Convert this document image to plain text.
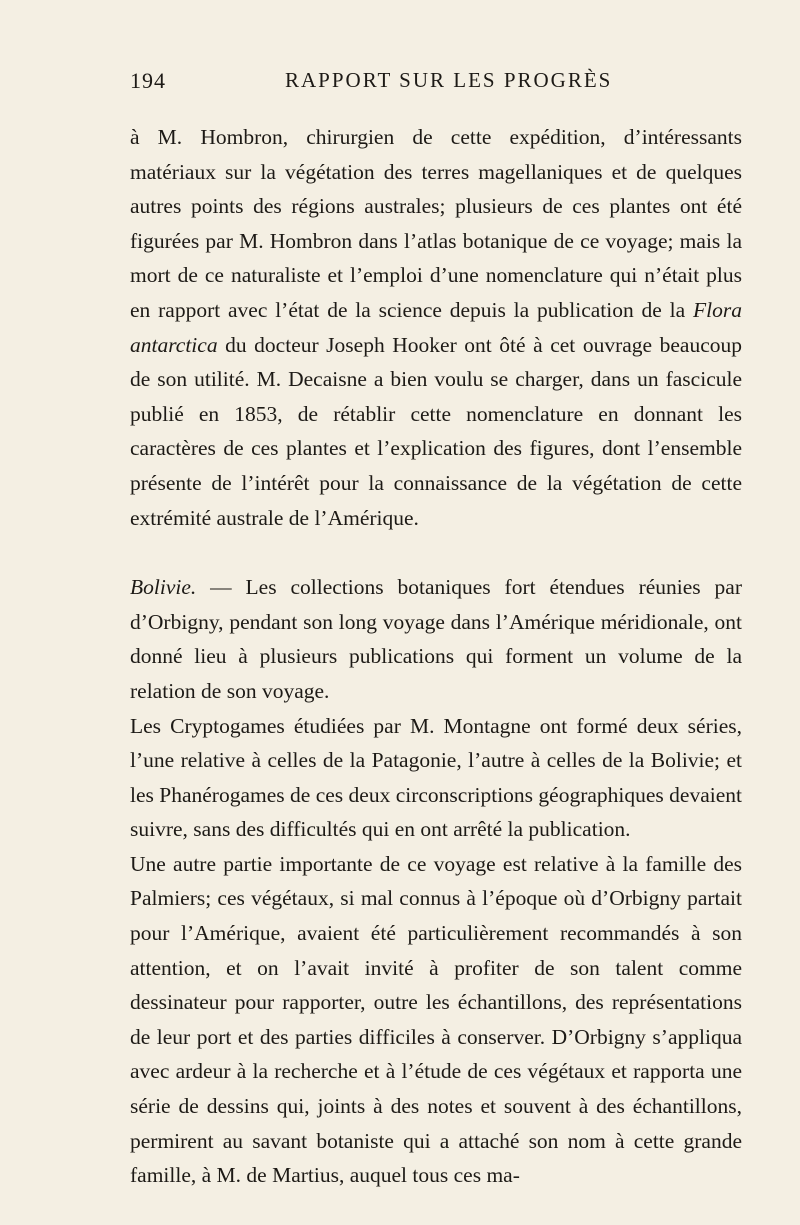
194	RAPPORT SUR LES PROGRÈS

à M. Hombron, chirurgien de cette expédition, d’intéressants matériaux sur la végétation des terres magellaniques et de quelques autres points des régions australes; plusieurs de ces plantes ont été figurées par M. Hombron dans l’atlas botanique de ce voyage; mais la mort de ce naturaliste et l’emploi d’une nomenclature qui n’était plus en rapport avec l’état de la science depuis la publication de la Flora antarctica du docteur Joseph Hooker ont ôté à cet ouvrage beaucoup de son utilité. M. Decaisne a bien voulu se charger, dans un fascicule publié en 1853, de rétablir cette nomenclature en donnant les caractères de ces plantes et l’explication des figures, dont l’ensemble présente de l’intérêt pour la connaissance de la végétation de cette extrémité australe de l’Amérique.

Bolivie. — Les collections botaniques fort étendues réunies par d’Orbigny, pendant son long voyage dans l’Amérique méridionale, ont donné lieu à plusieurs publications qui forment un volume de la relation de son voyage.

Les Cryptogames étudiées par M. Montagne ont formé deux séries, l’une relative à celles de la Patagonie, l’autre à celles de la Bolivie; et les Phanérogames de ces deux circonscriptions géographiques devaient suivre, sans des difficultés qui en ont arrêté la publication.

Une autre partie importante de ce voyage est relative à la famille des Palmiers; ces végétaux, si mal connus à l’époque où d’Orbigny partait pour l’Amérique, avaient été particulièrement recommandés à son attention, et on l’avait invité à profiter de son talent comme dessinateur pour rapporter, outre les échantillons, des représentations de leur port et des parties difficiles à conserver. D’Orbigny s’appliqua avec ardeur à la recherche et à l’étude de ces végétaux et rapporta une série de dessins qui, joints à des notes et souvent à des échantillons, permirent au savant botaniste qui a attaché son nom à cette grande famille, à M. de Martius, auquel tous ces ma-
